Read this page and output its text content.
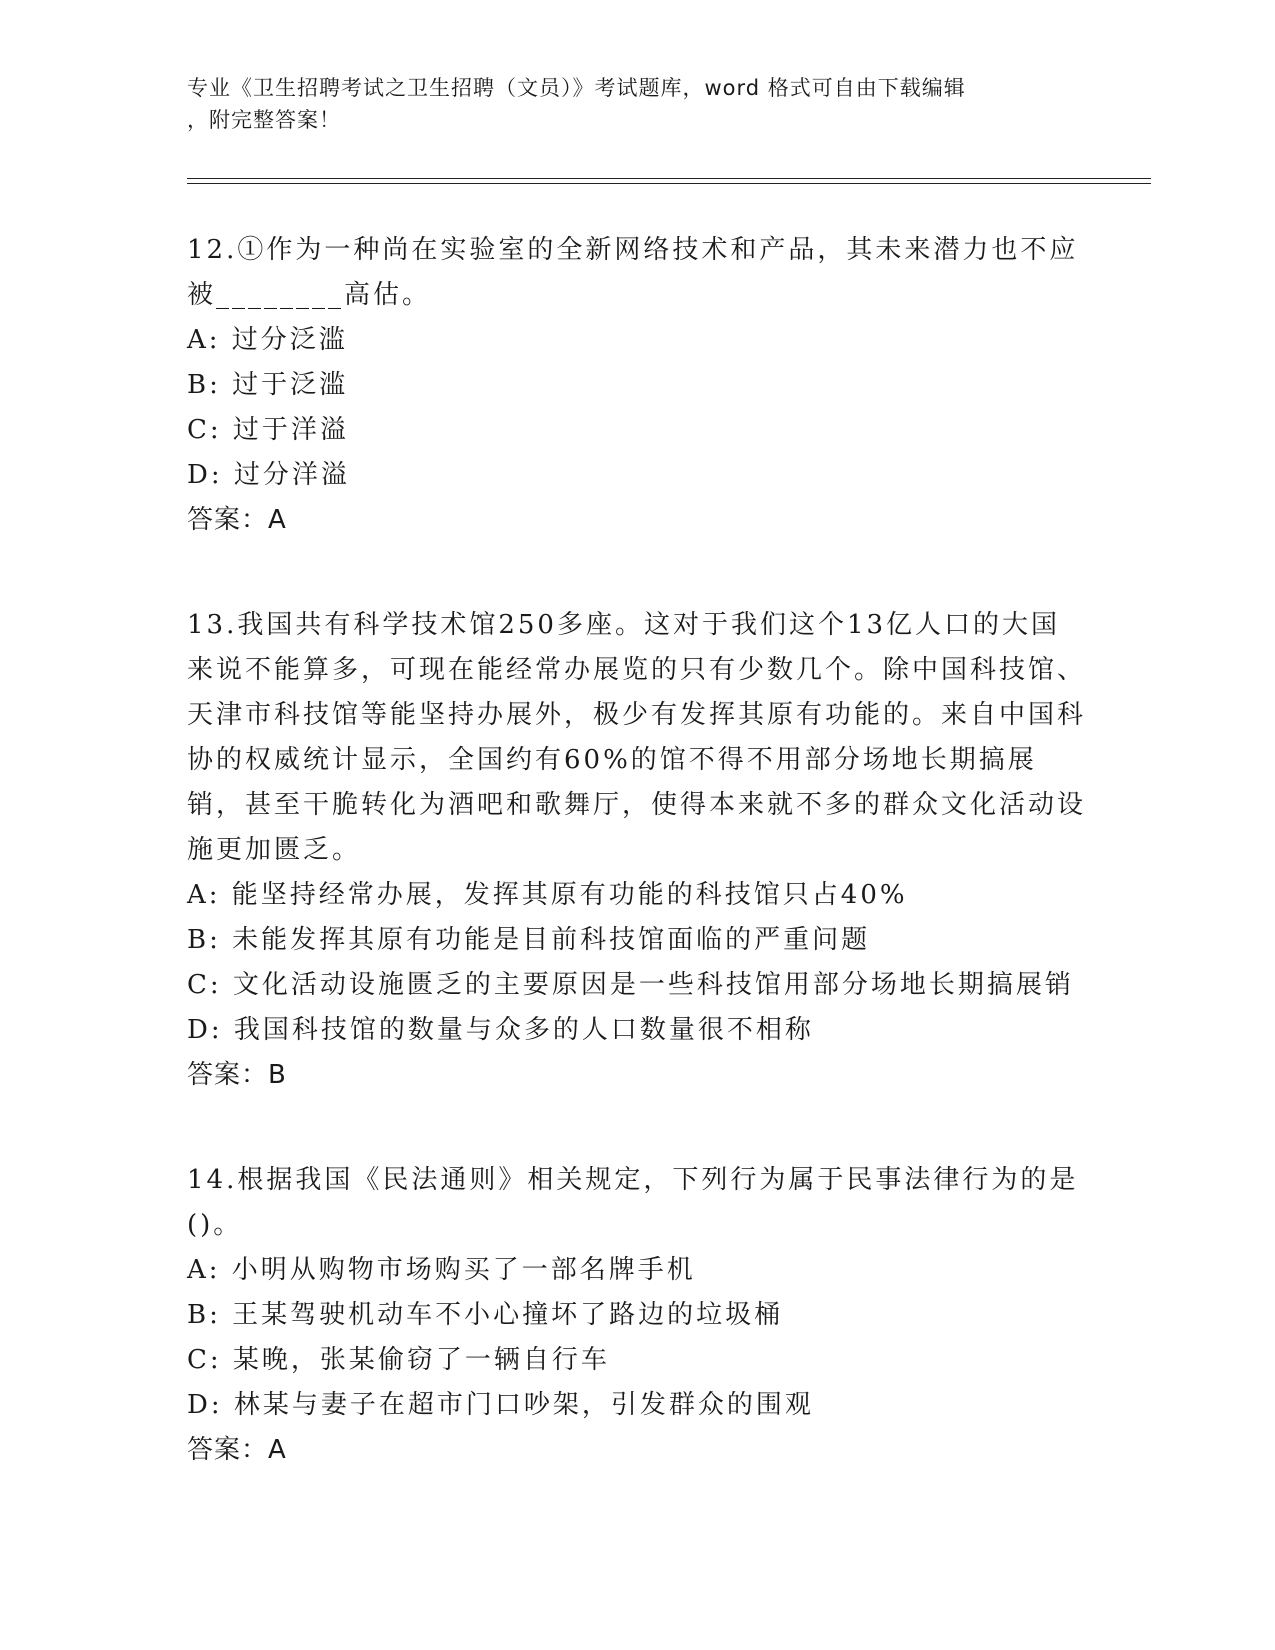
专业《卫生招聘考试之卫生招聘（文员）》考试题库，word 格式可自由下载编辑
，附完整答案！

12.①作为一种尚在实验室的全新网络技术和产品，其未来潜力也不应被________高估。

A: 过分泛滥
B: 过于泛滥
C: 过于洋溢
D: 过分洋溢
答案：A

13.我国共有科学技术馆250多座。这对于我们这个13亿人口的大国来说不能算多，可现在能经常办展览的只有少数几个。除中国科技馆、天津市科技馆等能坚持办展外，极少有发挥其原有功能的。来自中国科协的权威统计显示，全国约有60%的馆不得不用部分场地长期搞展销，甚至干脆转化为酒吧和歌舞厅，使得本来就不多的群众文化活动设施更加匮乏。

A: 能坚持经常办展，发挥其原有功能的科技馆只占40%
B: 未能发挥其原有功能是目前科技馆面临的严重问题
C: 文化活动设施匮乏的主要原因是一些科技馆用部分场地长期搞展销
D: 我国科技馆的数量与众多的人口数量很不相称
答案：B

14.根据我国《民法通则》相关规定，下列行为属于民事法律行为的是()。

A: 小明从购物市场购买了一部名牌手机
B: 王某驾驶机动车不小心撞坏了路边的垃圾桶
C: 某晚，张某偷窃了一辆自行车
D: 林某与妻子在超市门口吵架，引发群众的围观
答案：A
